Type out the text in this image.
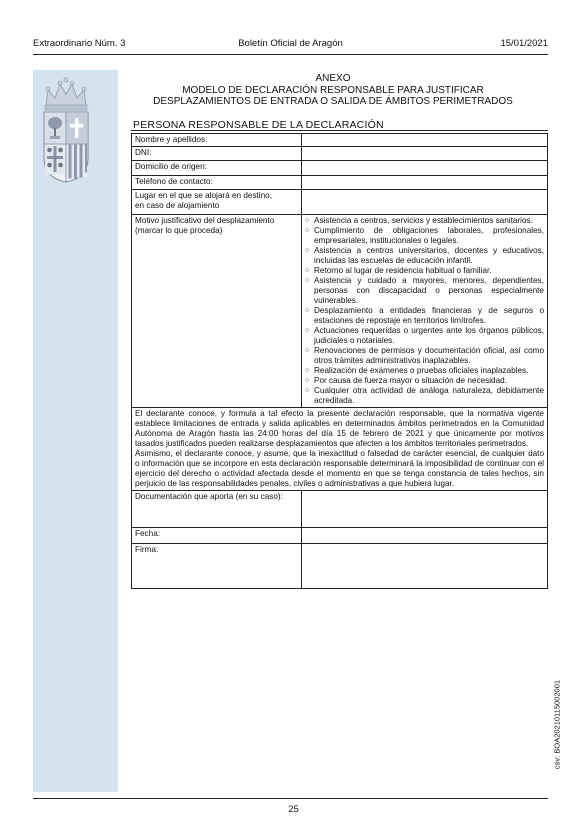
Extraordinario Núm. 3	Boletín Oficial de Aragón	15/01/2021
ANEXO
MODELO DE DECLARACIÓN RESPONSABLE PARA JUSTIFICAR
DESPLAZAMIENTOS DE ENTRADA O SALIDA DE ÁMBITOS PERIMETRADOS
PERSONA RESPONSABLE DE LA DECLARACIÓN
Nombre y apellidos:
DNI:
Domicilio de origen:
Teléfono de contacto:
Lugar en el que se alojará en destino,
en caso de alojamiento
Motivo justificativo del desplazamiento
(marcar lo que proceda)
○ Asistencia a centros, servicios y establecimientos sanitarios.
○ Cumplimiento de obligaciones laborales, profesionales, empresariales, institucionales o legales.
○ Asistencia a centros universitarios, docentes y educativos, incluidas las escuelas de educación infantil.
○ Retorno al lugar de residencia habitual o familiar.
○ Asistencia y cuidado a mayores, menores, dependientes, personas con discapacidad o personas especialmente vulnerables.
○ Desplazamiento a entidades financieras y de seguros o estaciones de repostaje en territorios limítrofes.
○ Actuaciones requeridas o urgentes ante los órganos públicos, judiciales o notariales.
○ Renovaciones de permisos y documentación oficial, así como otros trámites administrativos inaplazables.
○ Realización de exámenes o pruebas oficiales inaplazables.
○ Por causa de fuerza mayor o situación de necesidad.
○ Cualquier otra actividad de análoga naturaleza, debidamente acreditada.

El declarante conoce, y formula a tal efecto la presente declaración responsable, que la normativa vigente establece limitaciones de entrada y salida aplicables en determinados ámbitos perimetrados en la Comunidad Autónoma de Aragón hasta las 24:00 horas del día 15 de febrero de 2021 y que únicamente por motivos tasados justificados pueden realizarse desplazamientos que afecten a los ámbitos territoriales perimetrados.

Asimismo, el declarante conoce, y asume, que la inexactitud o falsedad de carácter esencial, de cualquier dato o información que se incorpore en esta declaración responsable determinará la imposibilidad de continuar con el ejercicio del derecho o actividad afectada desde el momento en que se tenga constancia de tales hechos, sin perjuicio de las responsabilidades penales, civiles o administrativas a que hubiera lugar.

Documentación que aporta (en su caso):
Fecha:
Firma:
csv: BOA20210115002001
25
